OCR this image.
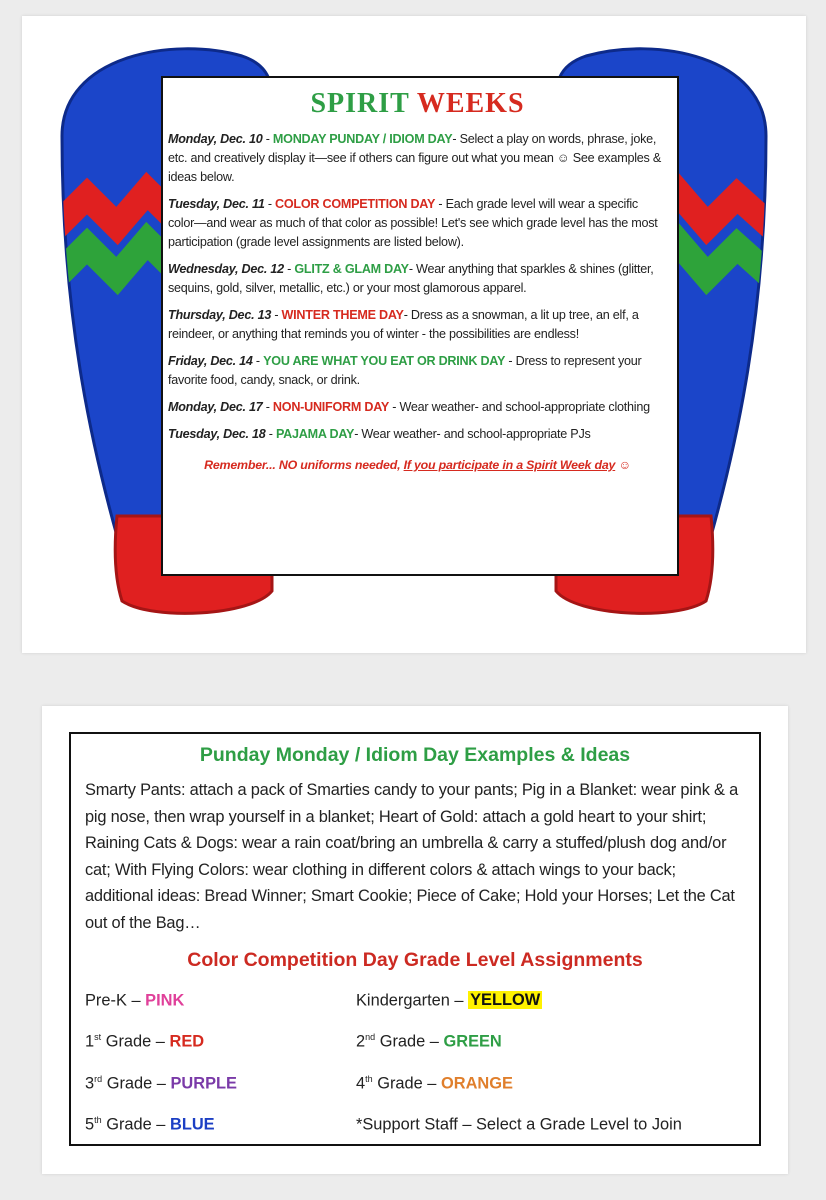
SPIRIT WEEKS
Monday, Dec. 10 - MONDAY PUNDAY / IDIOM DAY- Select a play on words, phrase, joke, etc. and creatively display it—see if others can figure out what you mean ☺ See examples & ideas below.
Tuesday, Dec. 11 - COLOR COMPETITION DAY - Each grade level will wear a specific color—and wear as much of that color as possible! Let's see which grade level has the most participation (grade level assignments are listed below).
Wednesday, Dec. 12 - GLITZ & GLAM DAY- Wear anything that sparkles & shines (glitter, sequins, gold, silver, metallic, etc.) or your most glamorous apparel.
Thursday, Dec. 13 - WINTER THEME DAY- Dress as a snowman, a lit up tree, an elf, a reindeer, or anything that reminds you of winter - the possibilities are endless!
Friday, Dec. 14 - YOU ARE WHAT YOU EAT OR DRINK DAY - Dress to represent your favorite food, candy, snack, or drink.
Monday, Dec. 17 - NON-UNIFORM DAY - Wear weather- and school-appropriate clothing
Tuesday, Dec. 18 - PAJAMA DAY- Wear weather- and school-appropriate PJs
Remember... NO uniforms needed, If you participate in a Spirit Week day ☺
Punday Monday / Idiom Day Examples & Ideas
Smarty Pants: attach a pack of Smarties candy to your pants; Pig in a Blanket: wear pink & a pig nose, then wrap yourself in a blanket; Heart of Gold: attach a gold heart to your shirt; Raining Cats & Dogs: wear a rain coat/bring an umbrella & carry a stuffed/plush dog and/or cat; With Flying Colors: wear clothing in different colors & attach wings to your back; additional ideas: Bread Winner; Smart Cookie; Piece of Cake; Hold your Horses; Let the Cat out of the Bag…
Color Competition Day Grade Level Assignments
Pre-K – PINK	Kindergarten – YELLOW
1st Grade – RED	2nd Grade – GREEN
3rd Grade – PURPLE	4th Grade – ORANGE
5th Grade – BLUE	*Support Staff – Select a Grade Level to Join
